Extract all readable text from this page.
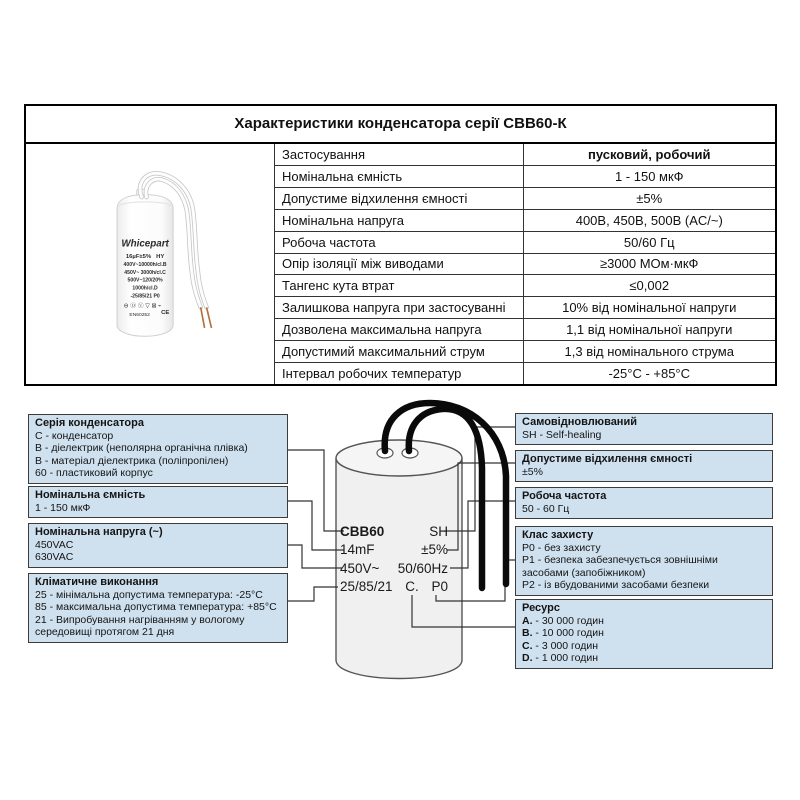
Характеристики конденсатора серії CBB60-К
Whicepart
16µF±5%   HY
400V~10000h/cl.B
450V~ 3000h/cl.C
500V~120/20%
1000h/cl.D
-25/85/21 P0
⊖ Ⓓ Ⓥ ▽ ⊠ ⌁
EN60252 CE
Застосування	пусковий, робочий
Номінальна ємність	1 - 150 мкФ
Допустиме відхилення ємності	±5%
Номінальна напруга	400В, 450В, 500В (AC/~)
Робоча частота	50/60 Гц
Опір ізоляції між виводами	≥3000 МОм·мкФ
Тангенс кута втрат	≤0,002
Залишкова напруга при застосуванні	10% від номінальної напруги
Дозволена максимальна напруга	1,1 від номінальної напруги
Допустимий максимальний струм	1,3 від номінального струма
Інтервал робочих температур	-25°C - +85°C
Серія конденсатора
C - конденсатор
B - діелектрик (неполярна органічна плівка)
B - матеріал діелектрика (поліпропілен)
60 - пластиковий корпус
Номінальна ємність
1 - 150 мкФ
Номінальна напруга (~)
450VAC
630VAC
Кліматичне виконання
25 - мінімальна допустима температура: -25°C
85 - максимальна допустима температура: +85°C
21 - Випробування нагріванням у вологому середовищі протягом 21 дня
Самовідновлюваний
SH - Self-healing
Допустиме відхилення ємності
±5%
Робоча частота
50 - 60 Гц
Клас захисту
P0 - без захисту
P1 - безпека забезпечується зовнішніми засобами (запобіжником)
P2 - із вбудованими засобами безпеки
Ресурс
A. - 30 000 годин
B. - 10 000 годин
C. - 3 000 годин
D. - 1 000 годин
CBB60	SH
14mF	±5%
450V~ 50/60Hz
25/85/21 C. P0
